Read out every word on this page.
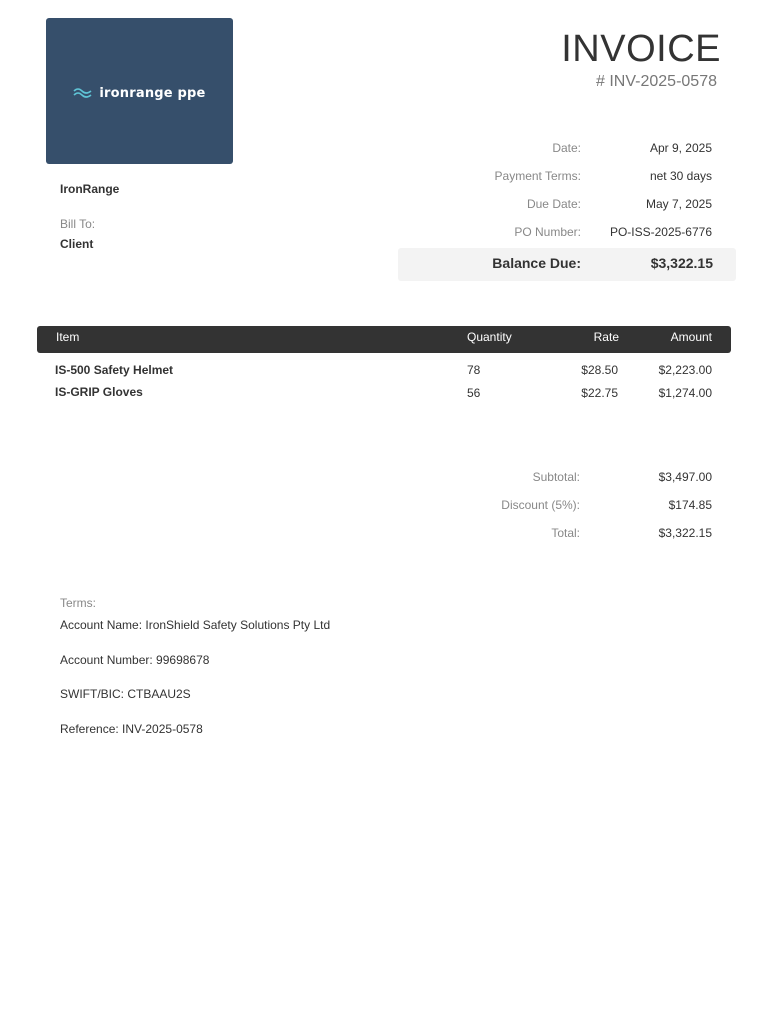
ironrange ppe
INVOICE
# INV-2025-0578
Date:	Apr 9, 2025
Payment Terms:	net 30 days
Due Date:	May 7, 2025
PO Number:	PO-ISS-2025-6776
Balance Due:	$3,322.15
IronRange
Bill To:
Client
Item	Quantity	Rate	Amount
IS-500 Safety Helmet	78	$28.50	$2,223.00
IS-GRIP Gloves	56	$22.75	$1,274.00
Subtotal:	$3,497.00
Discount (5%):	$174.85
Total:	$3,322.15
Terms:
Account Name: IronShield Safety Solutions Pty Ltd
Account Number: 99698678
SWIFT/BIC: CTBAAU2S
Reference: INV-2025-0578
